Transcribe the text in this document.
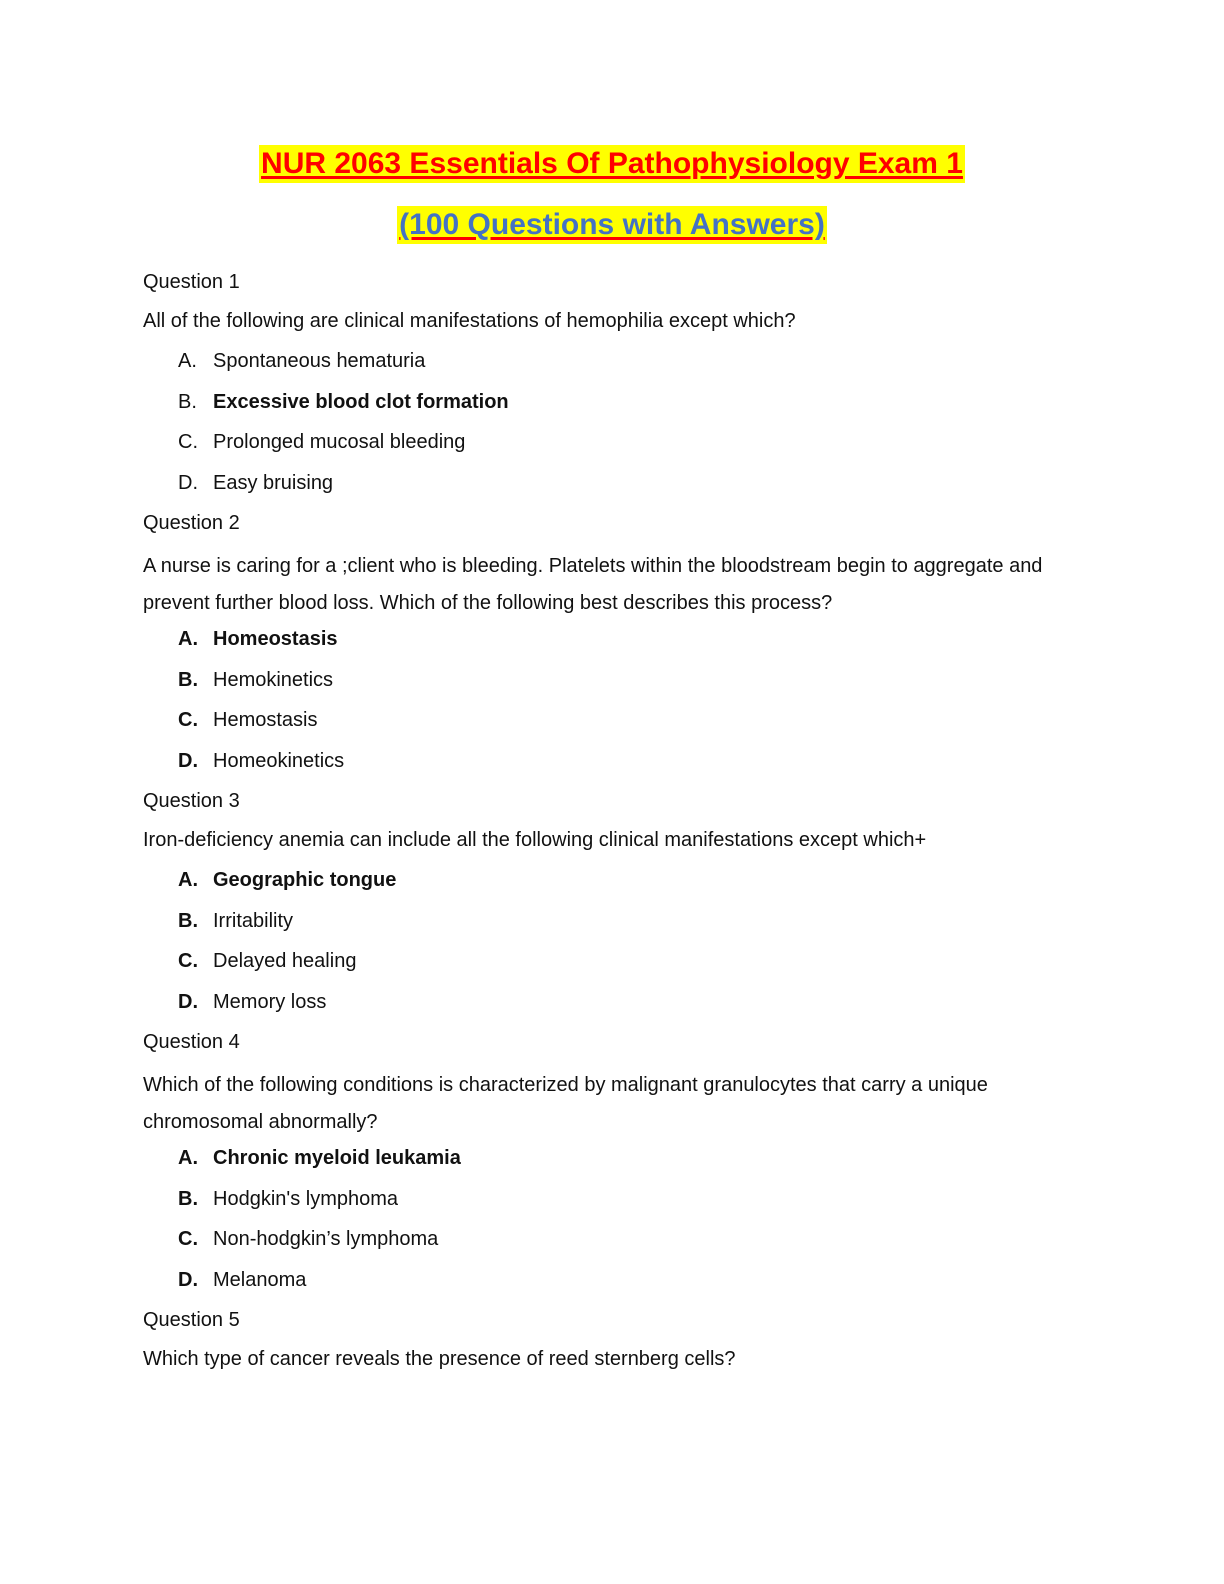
NUR 2063 Essentials Of Pathophysiology Exam 1
(100 Questions with Answers)
Question 1
All of the following are clinical manifestations of hemophilia except which?
A. Spontaneous hematuria
B. Excessive blood clot formation
C. Prolonged mucosal bleeding
D. Easy bruising
Question 2
A nurse is caring for a ;client who is bleeding. Platelets within the bloodstream begin to aggregate and prevent further blood loss. Which of the following best describes this process?
A. Homeostasis
B. Hemokinetics
C. Hemostasis
D. Homeokinetics
Question 3
Iron-deficiency anemia can include all the following clinical manifestations except which+
A. Geographic tongue
B. Irritability
C. Delayed healing
D. Memory loss
Question 4
Which of the following conditions is characterized by malignant granulocytes that carry a unique chromosomal abnormally?
A. Chronic myeloid leukamia
B. Hodgkin's lymphoma
C. Non-hodgkin’s lymphoma
D. Melanoma
Question 5
Which type of cancer reveals the presence of reed sternberg cells?
